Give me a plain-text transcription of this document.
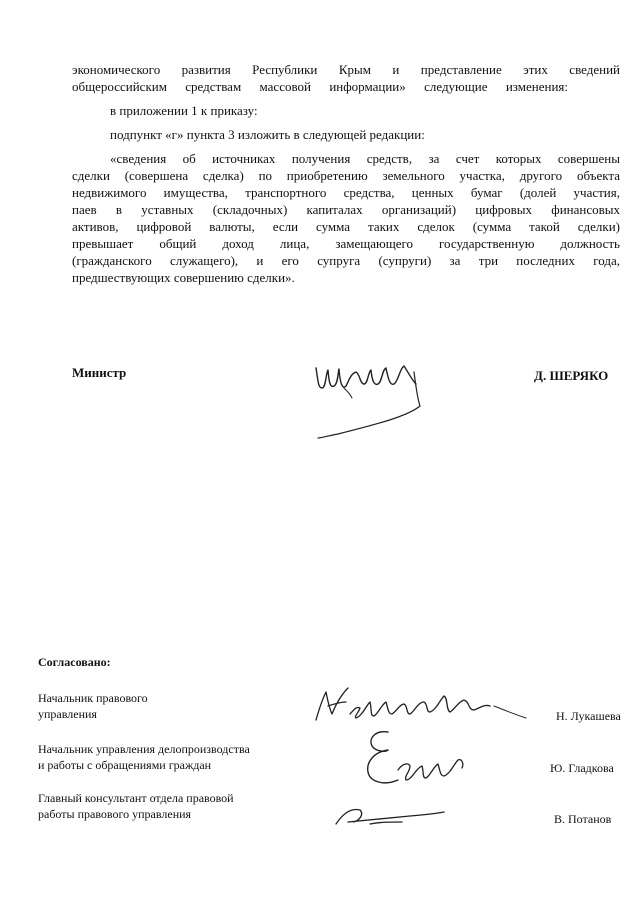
экономического развития Республики Крым и представление этих сведений
общероссийским средствам массовой информации» следующие изменения:
в приложении 1 к приказу:
подпункт «г» пункта 3 изложить в следующей редакции:
«сведения об источниках получения средств, за счет которых совершены
сделки (совершена сделка) по приобретению земельного участка, другого объекта
недвижимого имущества, транспортного средства, ценных бумаг (долей участия,
паев в уставных (складочных) капиталах организаций) цифровых финансовых
активов, цифровой валюты, если сумма таких сделок (сумма такой сделки)
превышает общий доход лица, замещающего государственную должность
(гражданского служащего), и его супруга (супруги) за три последних года,
предшествующих совершению сделки».
Министр	Д. ШЕРЯКО
Согласовано:
Начальник правового
управления	Н. Лукашева
Начальник управления делопроизводства
и работы с обращениями граждан	Ю. Гладкова
Главный консультант отдела правовой
работы правового управления	В. Потанов
